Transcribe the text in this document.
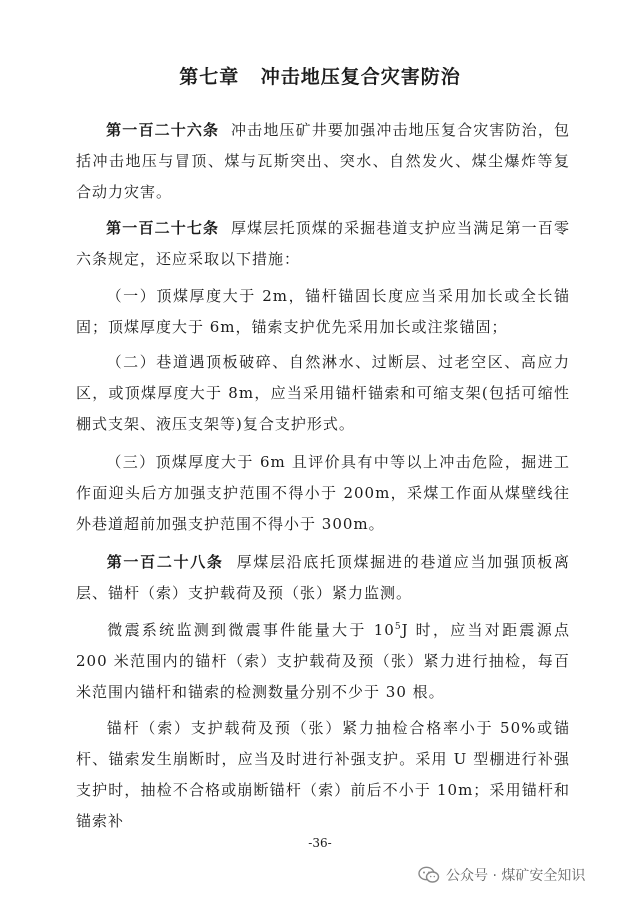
第七章 冲击地压复合灾害防治
第一百二十六条 冲击地压矿井要加强冲击地压复合灾害防治，包括冲击地压与冒顶、煤与瓦斯突出、突水、自然发火、煤尘爆炸等复合动力灾害。
第一百二十七条 厚煤层托顶煤的采掘巷道支护应当满足第一百零六条规定，还应采取以下措施：
（一）顶煤厚度大于 2m，锚杆锚固长度应当采用加长或全长锚固；顶煤厚度大于 6m，锚索支护优先采用加长或注浆锚固；
（二）巷道遇顶板破碎、自然淋水、过断层、过老空区、高应力区，或顶煤厚度大于 8m，应当采用锚杆锚索和可缩支架(包括可缩性棚式支架、液压支架等)复合支护形式。
（三）顶煤厚度大于 6m 且评价具有中等以上冲击危险，掘进工作面迎头后方加强支护范围不得小于 200m，采煤工作面从煤壁线往外巷道超前加强支护范围不得小于 300m。
第一百二十八条 厚煤层沿底托顶煤掘进的巷道应当加强顶板离层、锚杆（索）支护载荷及预（张）紧力监测。
微震系统监测到微震事件能量大于 $10^5J$ 时，应当对距震源点 200 米范围内的锚杆（索）支护载荷及预（张）紧力进行抽检，每百米范围内锚杆和锚索的检测数量分别不少于 30 根。
锚杆（索）支护载荷及预（张）紧力抽检合格率小于 50%或锚杆、锚索发生崩断时，应当及时进行补强支护。采用 U 型棚进行补强支护时，抽检不合格或崩断锚杆（索）前后不小于 10m；采用锚杆和锚索补
-36-
公众号 · 煤矿安全知识
